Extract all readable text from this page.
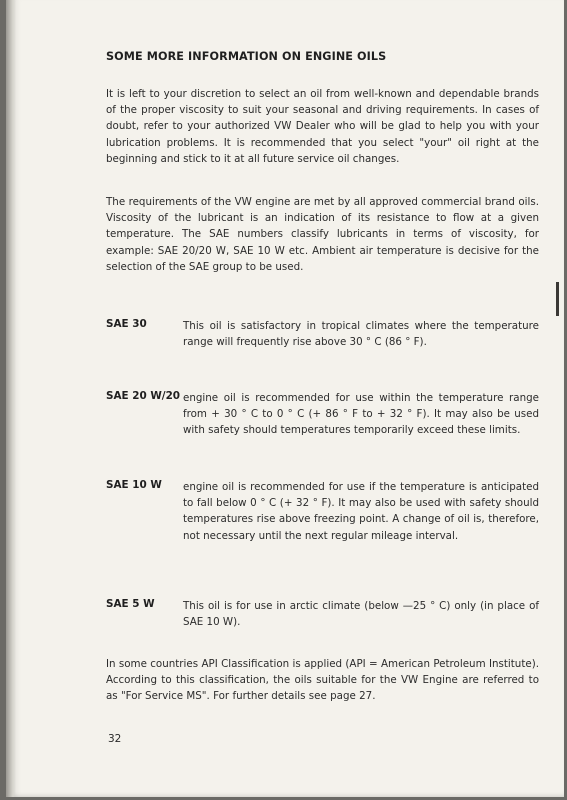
SOME MORE INFORMATION ON ENGINE OILS
It is left to your discretion to select an oil from well-known and dependable brands of the proper viscosity to suit your seasonal and driving requirements. In cases of doubt, refer to your authorized VW Dealer who will be glad to help you with your lubrication problems. It is recommended that you select "your" oil right at the beginning and stick to it at all future service oil changes.
The requirements of the VW engine are met by all approved commercial brand oils. Viscosity of the lubricant is an indication of its resistance to flow at a given temperature. The SAE numbers classify lubricants in terms of viscosity, for example: SAE 20/20 W, SAE 10 W etc. Ambient air temperature is decisive for the selection of the SAE group to be used.
SAE 30	This oil is satisfactory in tropical climates where the temperature range will frequently rise above 30 ° C (86 ° F).
SAE 20 W/20 engine oil is recommended for use within the temperature range from + 30 ° C to 0 ° C (+ 86 ° F to + 32 ° F). It may also be used with safety should temperatures temporarily exceed these limits.
SAE 10 W engine oil is recommended for use if the temperature is anticipated to fall below 0 ° C (+ 32 ° F). It may also be used with safety should temperatures rise above freezing point. A change of oil is, therefore, not necessary until the next regular mileage interval.
SAE 5 W	This oil is for use in arctic climate (below —25 ° C) only (in place of SAE 10 W).
In some countries API Classification is applied (API = American Petroleum Institute). According to this classification, the oils suitable for the VW Engine are referred to as "For Service MS". For further details see page 27.
32
